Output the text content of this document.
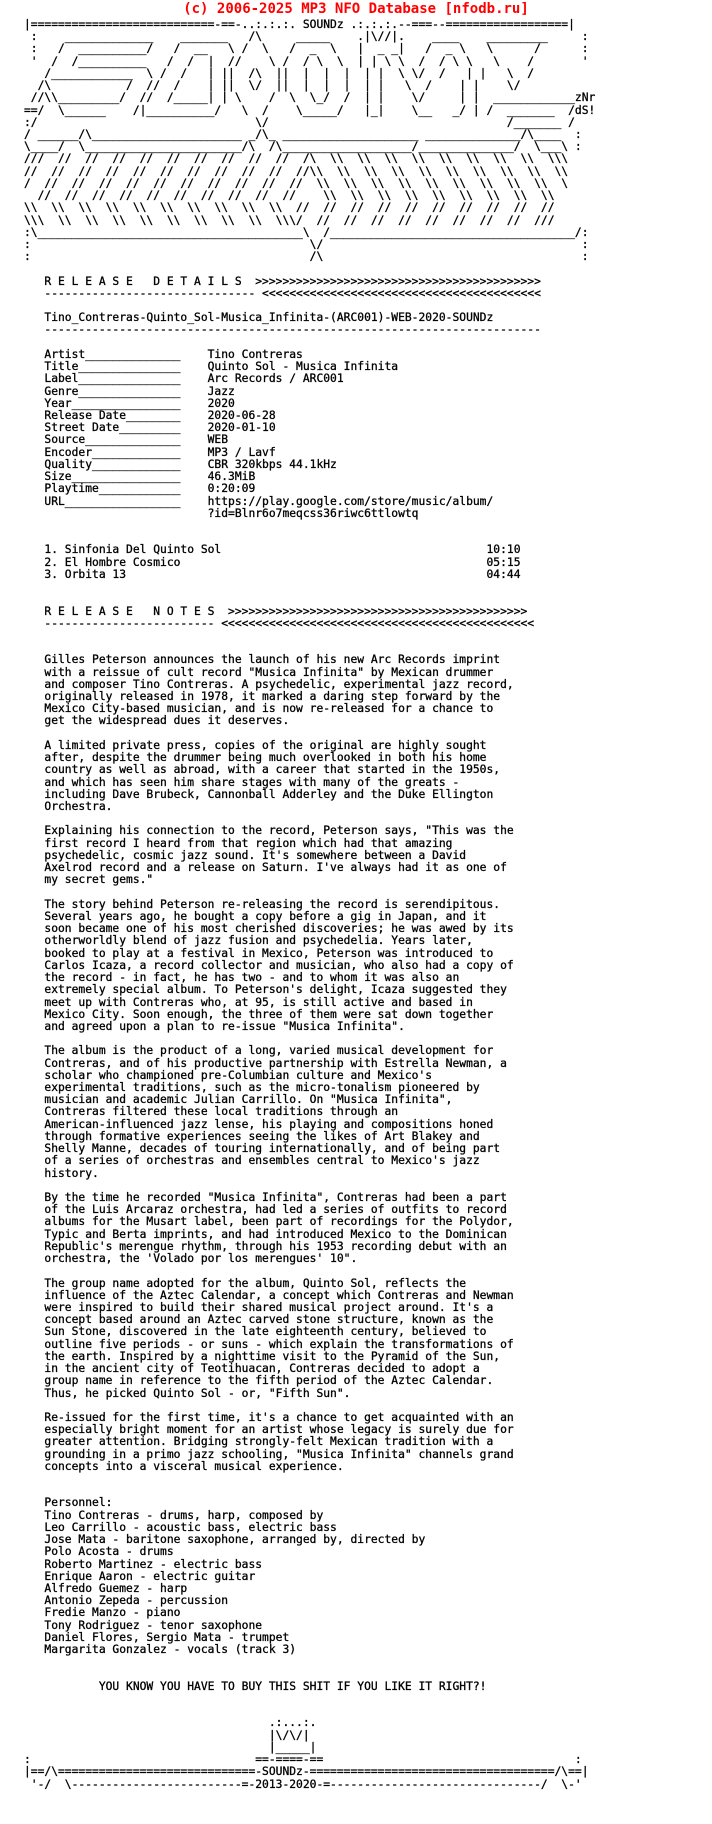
(c) 2006-2025 MP3 NFO Database [nfodb.ru]
|===========================-==-..:.:.:. SOUNDz .:.:.:.--===--==================|
:    _____________    _______   /\     _____    .|\//|.    ____    _________     :
:   /  __________/   /  __   \ /  \   /  _  \   |  _ _|   /  _ \   \      /      :
'  /  /__________   /  /  |  //    \ /  / \  \  | | \ \  /  / \ \   \    /       '
/____________  \ /  /   | ||  /\  ||  |  |  |  | |  \ \/  /   | |   \  /
/\           /  //  /    | ||  \/  ||  |  |  |  | |   \  /    | |    \/
//\\_________/  //  /_____| | \    /  \  \_/  /  | |    \/     | |  ____________zNr
==/  \______    /|__________/   \  /    \_____/   |_|    \__   _/ | /  _______  /dS!
:/                                \/                                   /_______ /
/ ______/\______________________ _/\_ ____________________ ______________/\____  :
\____/  \_______________________/\  /\___________________/______________/  \___\ :
///  //  //  //  //  //  //  //  //  //  /\  \\  \\  \\  \\  \\  \\  \\  \\  \\\
//  //  //  //  //  //  //  //  //  //  //\\  \\  \\  \\  \\  \\  \\  \\  \\  \\
/  //  //  //  //  //  //  //  //  //  //  \\  \\  \\  \\  \\  \\  \\  \\  \\  \
//  //  //  //  //  //  //  //  //  //    \\  \\  \\  \\  \\  \\  \\  \\  \\
\\  \\  \\  \\  \\  \\  \\  \\  \\  \\  //  //  //  //  //  //  //  //  //  //
\\\  \\  \\  \\  \\  \\  \\  \\  \\  \\\/  //  //  //  //  //  //  //  //  ///
:\_______________________________________\  /____________________________________/:
:                                         \/                                      :
:                                         /\                                      :

R E L E A S E   D E T A I L S  >>>>>>>>>>>>>>>>>>>>>>>>>>>>>>>>>>>>>>>>>>
------------------------------- <<<<<<<<<<<<<<<<<<<<<<<<<<<<<<<<<<<<<<<<<

Tino_Contreras-Quinto_Sol-Musica_Infinita-(ARC001)-WEB-2020-SOUNDz
-------------------------------------------------------------------------

Artist______________    Tino Contreras
Title_______________    Quinto Sol - Musica Infinita
Label_______________    Arc Records / ARC001
Genre_______________    Jazz
Year________________    2020
Release Date________    2020-06-28
Street Date_________    2020-01-10
Source______________    WEB
Encoder_____________    MP3 / Lavf
Quality_____________    CBR 320kbps 44.1kHz
Size________________    46.3MiB
Playtime____________    0:20:09
URL_________________    https://play.google.com/store/music/album/
?id=Blnr6o7meqcss36riwc6ttlowtq

1. Sinfonia Del Quinto Sol                                       10:10
2. El Hombre Cosmico                                             05:15
3. Orbita 13                                                     04:44

R E L E A S E   N O T E S  >>>>>>>>>>>>>>>>>>>>>>>>>>>>>>>>>>>>>>>>>>>>
------------------------- <<<<<<<<<<<<<<<<<<<<<<<<<<<<<<<<<<<<<<<<<<<<<<

Gilles Peterson announces the launch of his new Arc Records imprint
with a reissue of cult record "Musica Infinita" by Mexican drummer
and composer Tino Contreras. A psychedelic, experimental jazz record,
originally released in 1978, it marked a daring step forward by the
Mexico City-based musician, and is now re-released for a chance to
get the widespread dues it deserves.

A limited private press, copies of the original are highly sought
after, despite the drummer being much overlooked in both his home
country as well as abroad, with a career that started in the 1950s,
and which has seen him share stages with many of the greats -
including Dave Brubeck, Cannonball Adderley and the Duke Ellington
Orchestra.

Explaining his connection to the record, Peterson says, "This was the
first record I heard from that region which had that amazing
psychedelic, cosmic jazz sound. It's somewhere between a David
Axelrod record and a release on Saturn. I've always had it as one of
my secret gems."

The story behind Peterson re-releasing the record is serendipitous.
Several years ago, he bought a copy before a gig in Japan, and it
soon became one of his most cherished discoveries; he was awed by its
otherworldly blend of jazz fusion and psychedelia. Years later,
booked to play at a festival in Mexico, Peterson was introduced to
Carlos Icaza, a record collector and musician, who also had a copy of
the record - in fact, he has two - and to whom it was also an
extremely special album. To Peterson's delight, Icaza suggested they
meet up with Contreras who, at 95, is still active and based in
Mexico City. Soon enough, the three of them were sat down together
and agreed upon a plan to re-issue "Musica Infinita".

The album is the product of a long, varied musical development for
Contreras, and of his productive partnership with Estrella Newman, a
scholar who championed pre-Columbian culture and Mexico's
experimental traditions, such as the micro-tonalism pioneered by
musician and academic Julian Carrillo. On "Musica Infinita",
Contreras filtered these local traditions through an
American-influenced jazz lense, his playing and compositions honed
through formative experiences seeing the likes of Art Blakey and
Shelly Manne, decades of touring internationally, and of being part
of a series of orchestras and ensembles central to Mexico's jazz
history.

By the time he recorded "Musica Infinita", Contreras had been a part
of the Luis Arcaraz orchestra, had led a series of outfits to record
albums for the Musart label, been part of recordings for the Polydor,
Typic and Berta imprints, and had introduced Mexico to the Dominican
Republic's merengue rhythm, through his 1953 recording debut with an
orchestra, the 'Volado por los merengues' 10".

The group name adopted for the album, Quinto Sol, reflects the
influence of the Aztec Calendar, a concept which Contreras and Newman
were inspired to build their shared musical project around. It's a
concept based around an Aztec carved stone structure, known as the
Sun Stone, discovered in the late eighteenth century, believed to
outline five periods - or suns - which explain the transformations of
the earth. Inspired by a nighttime visit to the Pyramid of the Sun,
in the ancient city of Teotihuacan, Contreras decided to adopt a
group name in reference to the fifth period of the Aztec Calendar.
Thus, he picked Quinto Sol - or, "Fifth Sun".

Re-issued for the first time, it's a chance to get acquainted with an
especially bright moment for an artist whose legacy is surely due for
greater attention. Bridging strongly-felt Mexican tradition with a
grounding in a primo jazz schooling, "Musica Infinita" channels grand
concepts into a visceral musical experience.

Personnel:
Tino Contreras - drums, harp, composed by
Leo Carrillo - acoustic bass, electric bass
Jose Mata - baritone saxophone, arranged by, directed by
Polo Acosta - drums
Roberto Martinez - electric bass
Enrique Aaron - electric guitar
Alfredo Guemez - harp
Antonio Zepeda - percussion
Fredie Manzo - piano
Tony Rodriguez - tenor saxophone
Daniel Flores, Sergio Mata - trumpet
Margarita Gonzalez - vocals (track 3)

YOU KNOW YOU HAVE TO BUY THIS SHIT IF YOU LIKE IT RIGHT?!

.:...:.
|\/\/|
|_____|
:                                 ==-====-==                                     :
|==/\=============================-SOUNDz-====================================/\==|
'-/  \-------------------------=-2013-2020-=-------------------------------/  \-'
